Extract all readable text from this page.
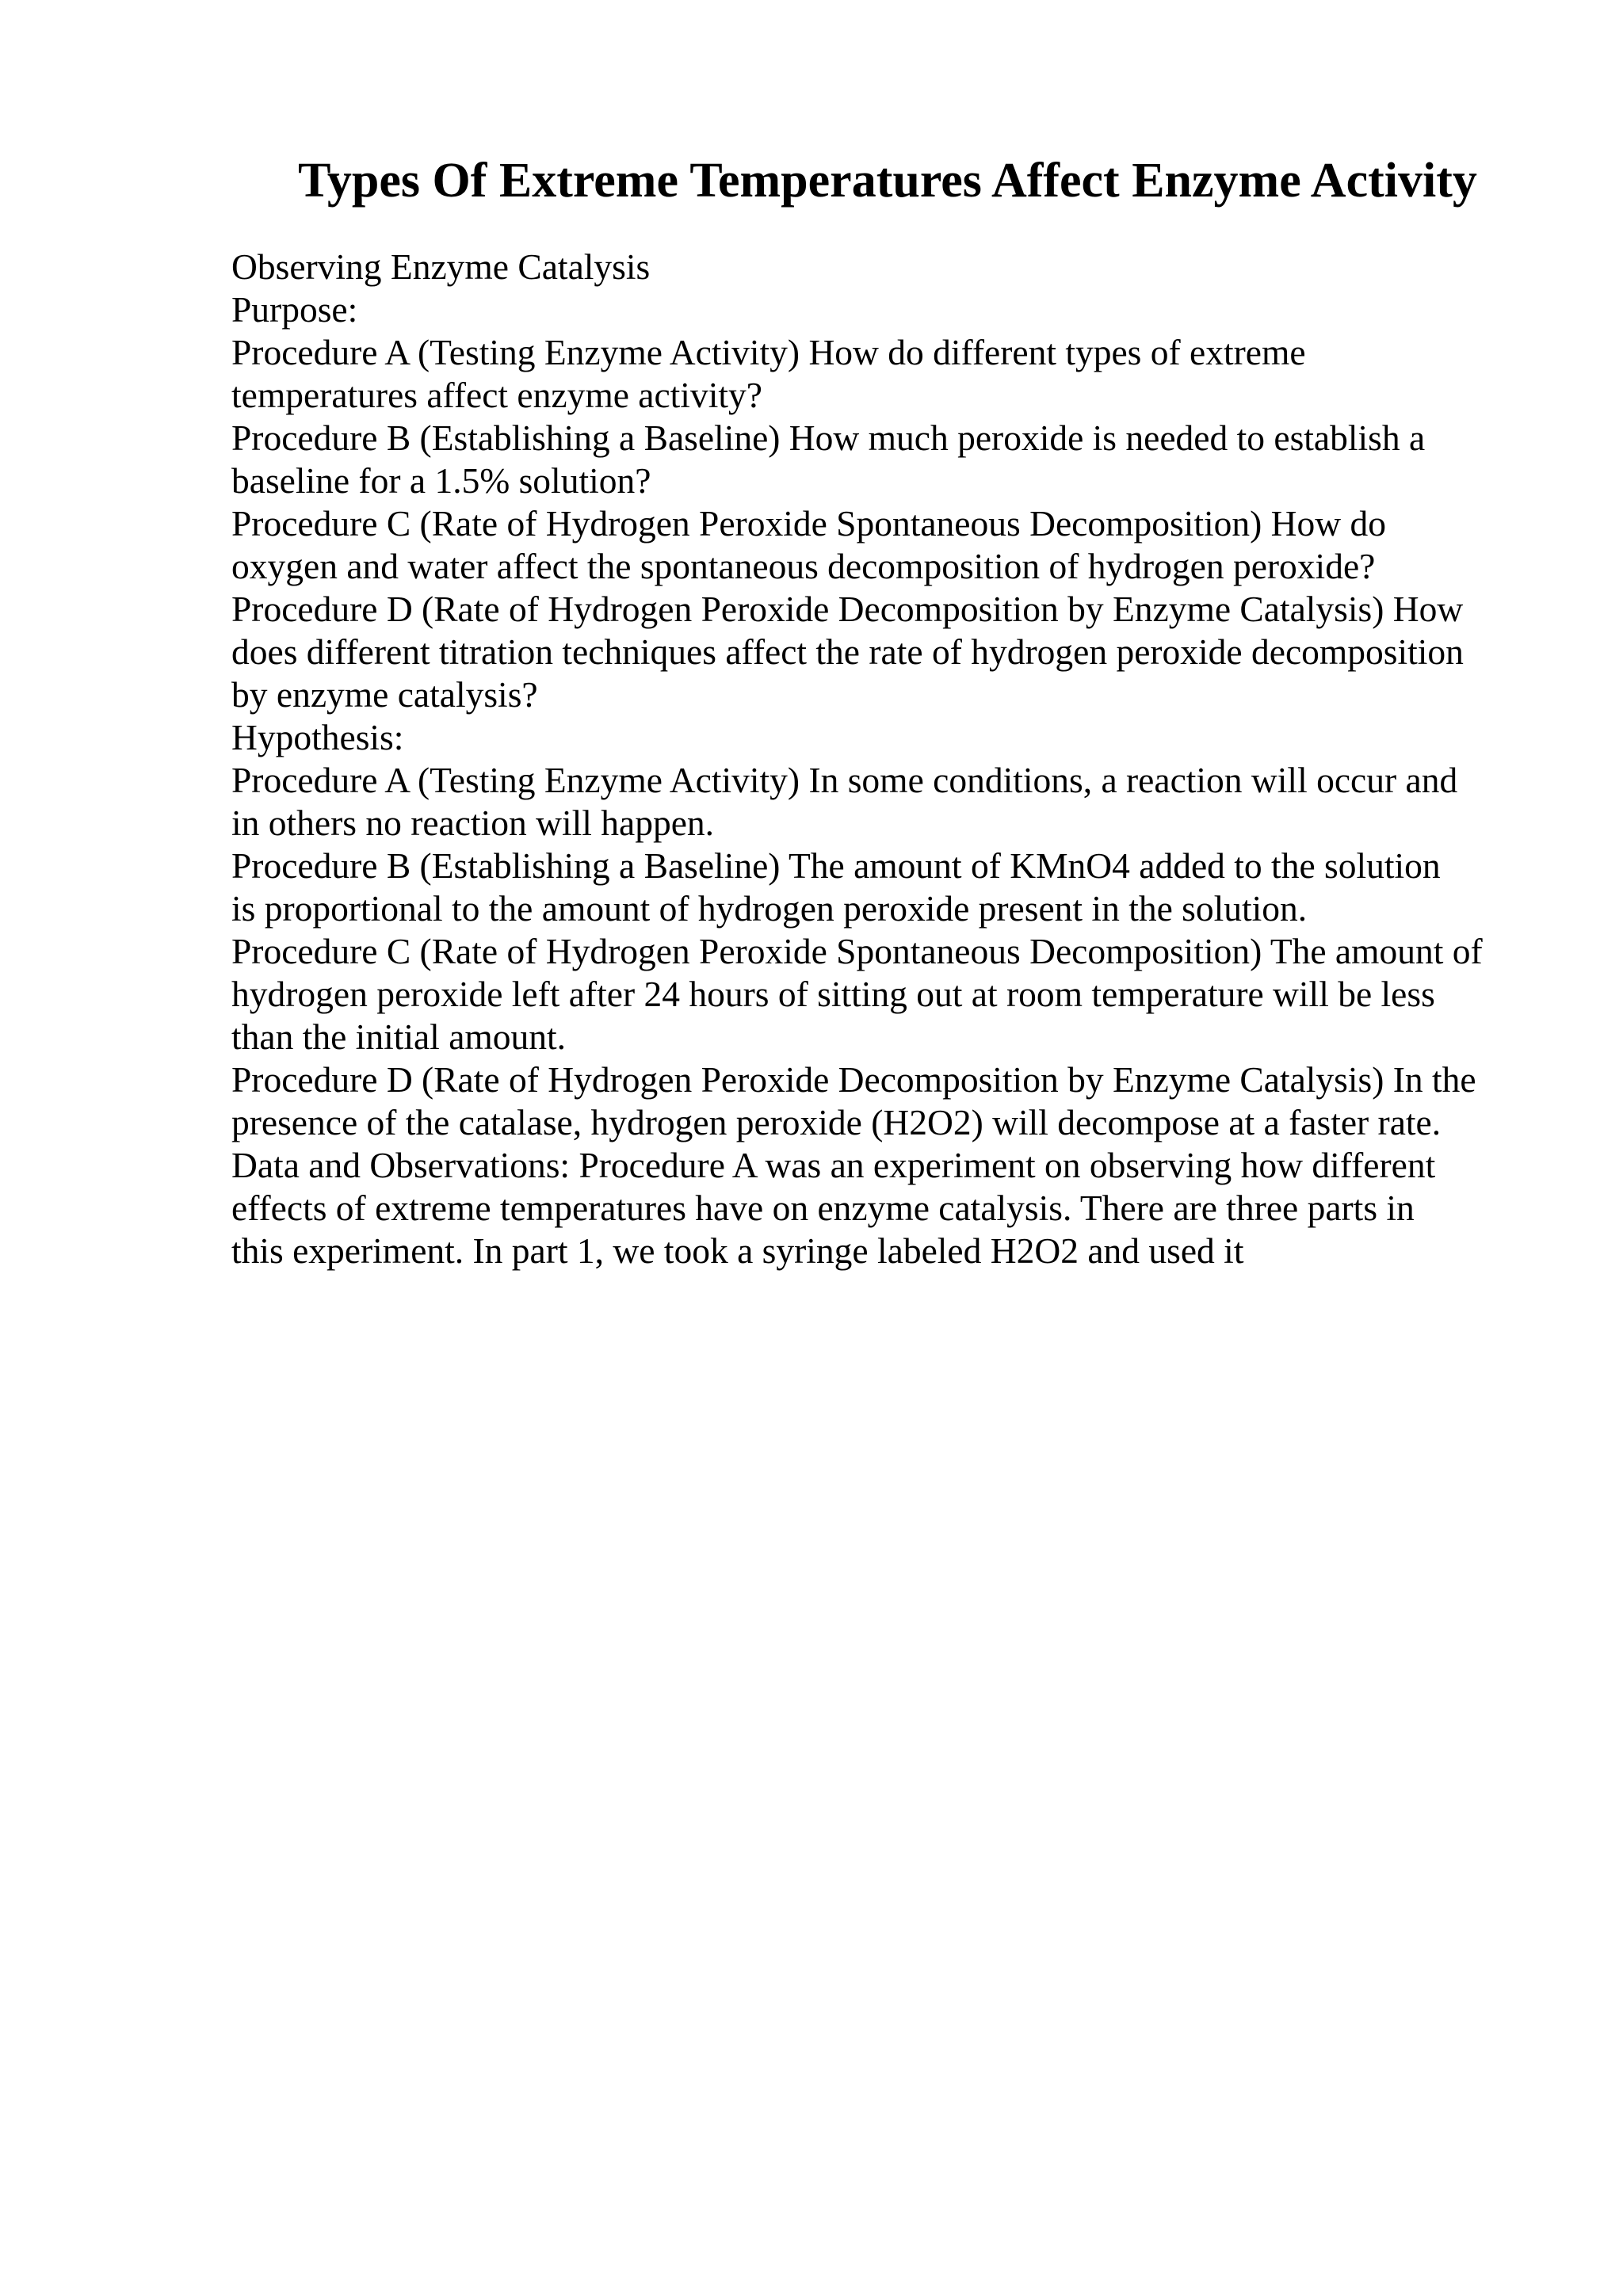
Types Of Extreme Temperatures Affect Enzyme Activity
Observing Enzyme Catalysis
Purpose:
Procedure A (Testing Enzyme Activity) How do different types of extreme
temperatures affect enzyme activity?
Procedure B (Establishing a Baseline) How much peroxide is needed to establish a
baseline for a 1.5% solution?
Procedure C (Rate of Hydrogen Peroxide Spontaneous Decomposition) How do
oxygen and water affect the spontaneous decomposition of hydrogen peroxide?
Procedure D (Rate of Hydrogen Peroxide Decomposition by Enzyme Catalysis) How
does different titration techniques affect the rate of hydrogen peroxide decomposition
by enzyme catalysis?
Hypothesis:
Procedure A (Testing Enzyme Activity) In some conditions, a reaction will occur and
in others no reaction will happen.
Procedure B (Establishing a Baseline) The amount of KMnO4 added to the solution
is proportional to the amount of hydrogen peroxide present in the solution.
Procedure C (Rate of Hydrogen Peroxide Spontaneous Decomposition) The amount of
hydrogen peroxide left after 24 hours of sitting out at room temperature will be less
than the initial amount.
Procedure D (Rate of Hydrogen Peroxide Decomposition by Enzyme Catalysis) In the
presence of the catalase, hydrogen peroxide (H2O2) will decompose at a faster rate.
Data and Observations: Procedure A was an experiment on observing how different
effects of extreme temperatures have on enzyme catalysis. There are three parts in
this experiment. In part 1, we took a syringe labeled H2O2 and used it
